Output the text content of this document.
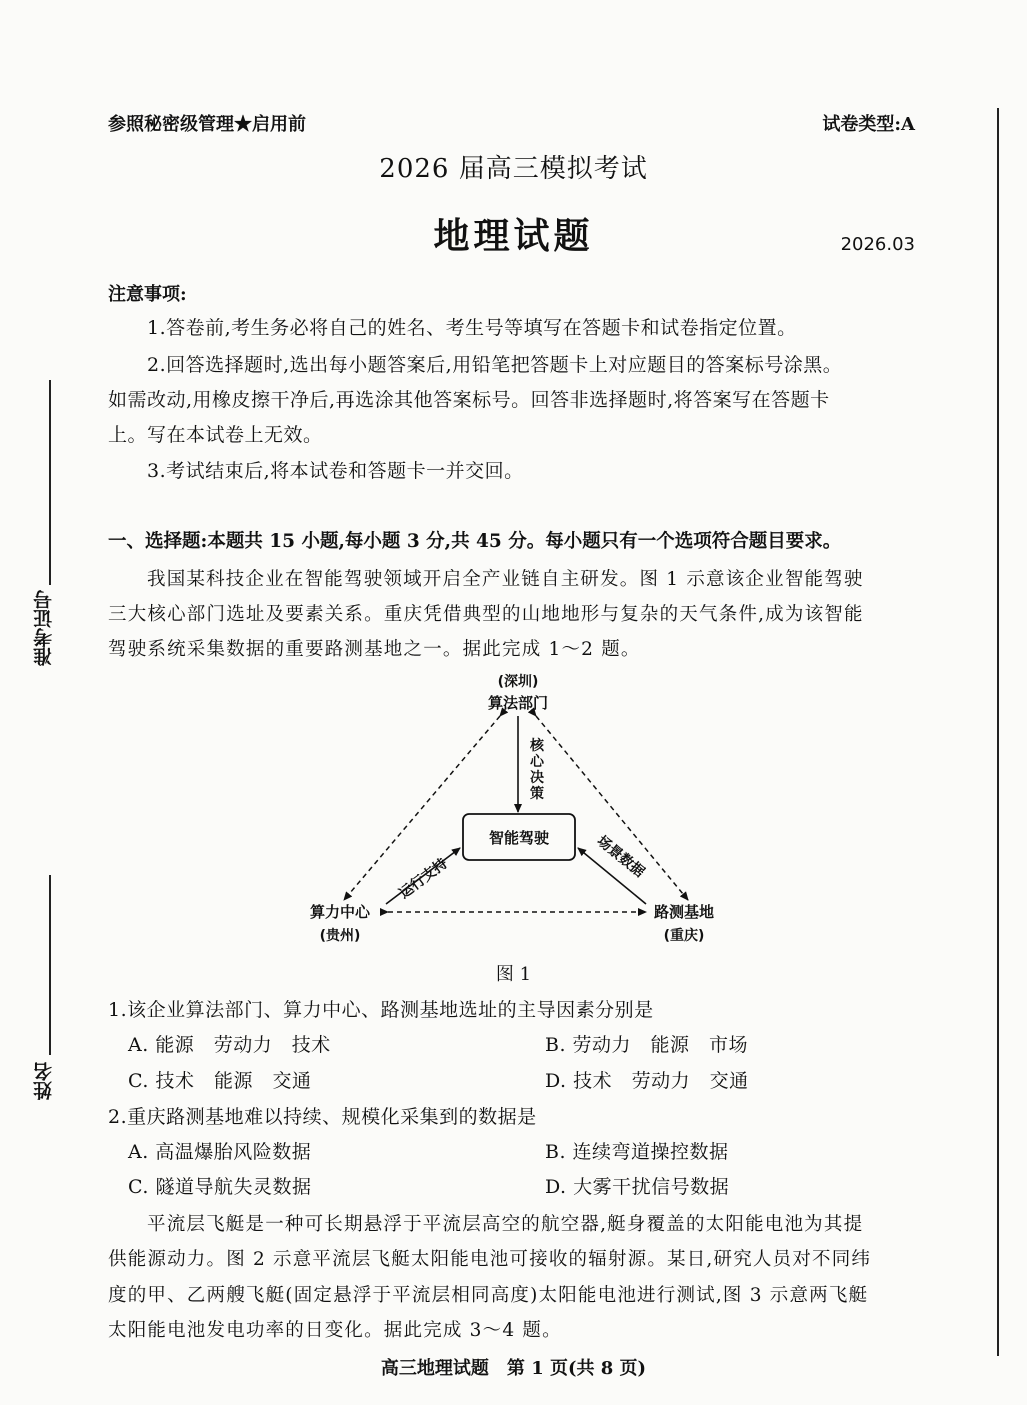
参照秘密级管理★启用前	试卷类型:A
2026 届高三模拟考试
地理试题	2026.03
准考证号
姓名
注意事项:
1.答卷前,考生务必将自己的姓名、考生号等填写在答题卡和试卷指定位置。
2.回答选择题时,选出每小题答案后,用铅笔把答题卡上对应题目的答案标号涂黑。
如需改动,用橡皮擦干净后,再选涂其他答案标号。回答非选择题时,将答案写在答题卡
上。写在本试卷上无效。
3.考试结束后,将本试卷和答题卡一并交回。
一、选择题:本题共 15 小题,每小题 3 分,共 45 分。每小题只有一个选项符合题目要求。
我国某科技企业在智能驾驶领域开启全产业链自主研发。图 1 示意该企业智能驾驶
三大核心部门选址及要素关系。重庆凭借典型的山地地形与复杂的天气条件,成为该智能
驾驶系统采集数据的重要路测基地之一。据此完成 1～2 题。
(深圳)
算法部门
核
心
决
策
智能驾驶
运行支持	场景数据
算力中心
(贵州)
路测基地
(重庆)
图 1
1.该企业算法部门、算力中心、路测基地选址的主导因素分别是
A. 能源　劳动力　技术	B. 劳动力　能源　市场
C. 技术　能源　交通	D. 技术　劳动力　交通
2.重庆路测基地难以持续、规模化采集到的数据是
A. 高温爆胎风险数据	B. 连续弯道操控数据
C. 隧道导航失灵数据	D. 大雾干扰信号数据
平流层飞艇是一种可长期悬浮于平流层高空的航空器,艇身覆盖的太阳能电池为其提
供能源动力。图 2 示意平流层飞艇太阳能电池可接收的辐射源。某日,研究人员对不同纬
度的甲、乙两艘飞艇(固定悬浮于平流层相同高度)太阳能电池进行测试,图 3 示意两飞艇
太阳能电池发电功率的日变化。据此完成 3～4 题。
高三地理试题　第 1 页(共 8 页)
